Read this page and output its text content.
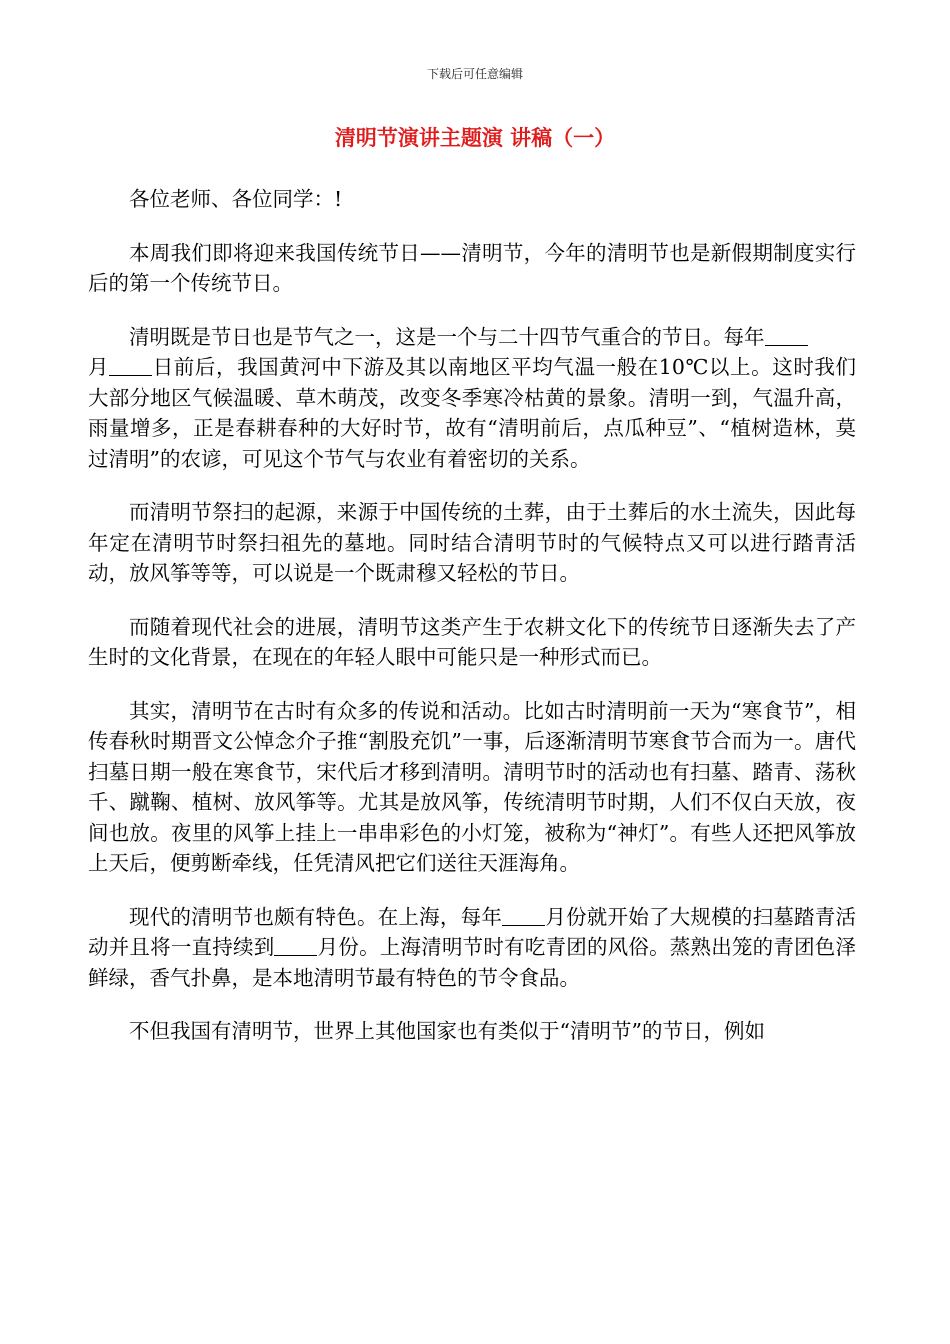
下载后可任意编辑
清明节演讲主题演 讲稿（一）

各位老师、各位同学：!

本周我们即将迎来我国传统节日——清明节，今年的清明节也是新假期制度实行后的第一个传统节日。

清明既是节日也是节气之一，这是一个与二十四节气重合的节日。每年
月 日前后，我国黄河中下游及其以南地区平均气温一般在10℃以上。这时我们大部分地区气候温暖、草木萌茂，改变冬季寒冷枯黄的景象。清明一到，气温升高，雨量增多，正是春耕春种的大好时节，故有“清明前后，点瓜种豆”、“植树造林，莫过清明”的农谚，可见这个节气与农业有着密切的关系。

而清明节祭扫的起源，来源于中国传统的土葬，由于土葬后的水土流失，因此每年定在清明节时祭扫祖先的墓地。同时结合清明节时的气候特点又可以进行踏青活动，放风筝等等，可以说是一个既肃穆又轻松的节日。

而随着现代社会的进展，清明节这类产生于农耕文化下的传统节日逐渐失去了产生时的文化背景，在现在的年轻人眼中可能只是一种形式而已。

其实，清明节在古时有众多的传说和活动。比如古时清明前一天为“寒食节”，相传春秋时期晋文公悼念介子推“割股充饥”一事，后逐渐清明节寒食节合而为一。唐代扫墓日期一般在寒食节，宋代后才移到清明。清明节时的活动也有扫墓、踏青、荡秋千、蹴鞠、植树、放风筝等。尤其是放风筝，传统清明节时期，人们不仅白天放，夜间也放。夜里的风筝上挂上一串串彩色的小灯笼，被称为“神灯”。有些人还把风筝放上天后，便剪断牵线，任凭清风把它们送往天涯海角。

现代的清明节也颇有特色。在上海，每年 月份就开始了大规模的扫墓踏青活动并且将一直持续到 月份。上海清明节时有吃青团的风俗。蒸熟出笼的青团色泽鲜绿，香气扑鼻，是本地清明节最有特色的节令食品。

不但我国有清明节，世界上其他国家也有类似于“清明节”的节日，例如
